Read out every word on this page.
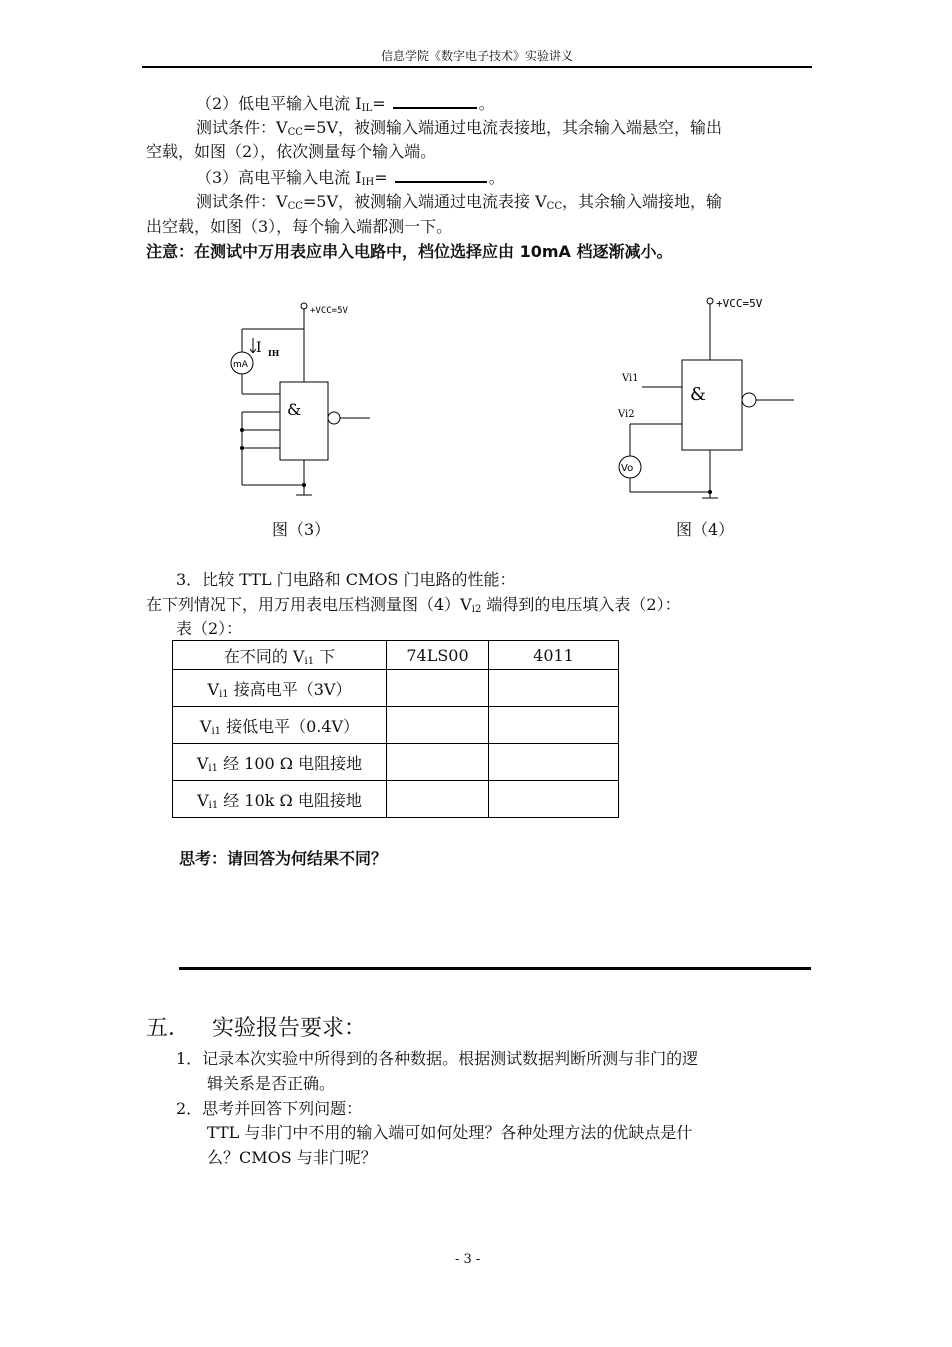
信息学院《数字电子技术》实验讲义
（2）低电平输入电流 $I_{IL}=$	。
测试条件：$V_{CC}=5V$，被测输入端通过电流表接地，其余输入端悬空，输出
空载，如图（2），依次测量每个输入端。
（3）高电平输入电流 $I_{IH}=$	。
测试条件：$V_{CC}=5V$，被测输入端通过电流表接 $V_{CC}$，其余输入端接地，输
出空载，如图（3），每个输入端都测一下。
注意：在测试中万用表应串入电路中，档位选择应由 10mA 档逐渐减小。
+VCC=5V
I IH
mA
&
图（3）
+VCC=5V
Vi1
Vi2
Vo
&
图（4）
3．比较 TTL 门电路和 CMOS 门电路的性能：
在下列情况下，用万用表电压档测量图$(4)V_{i2}$ 端得到的电压填入表（2）：
表（2）：
在不同的 $V_{i1}$ 下	74LS00	4011
$V_{i1}$ 接高电平（3V）		
$V_{i1}$ 接低电平（0.4V）		
$V_{i1}$ 经 100 Ω 电阻接地		
$V_{i1}$ 经 10k Ω 电阻接地		
思考：请回答为何结果不同？
五． 实验报告要求：
1．记录本次实验中所得到的各种数据。根据测试数据判断所测与非门的逻
辑关系是否正确。
2．思考并回答下列问题：
TTL 与非门中不用的输入端可如何处理？各种处理方法的优缺点是什
么？CMOS 与非门呢？
- 3 -
